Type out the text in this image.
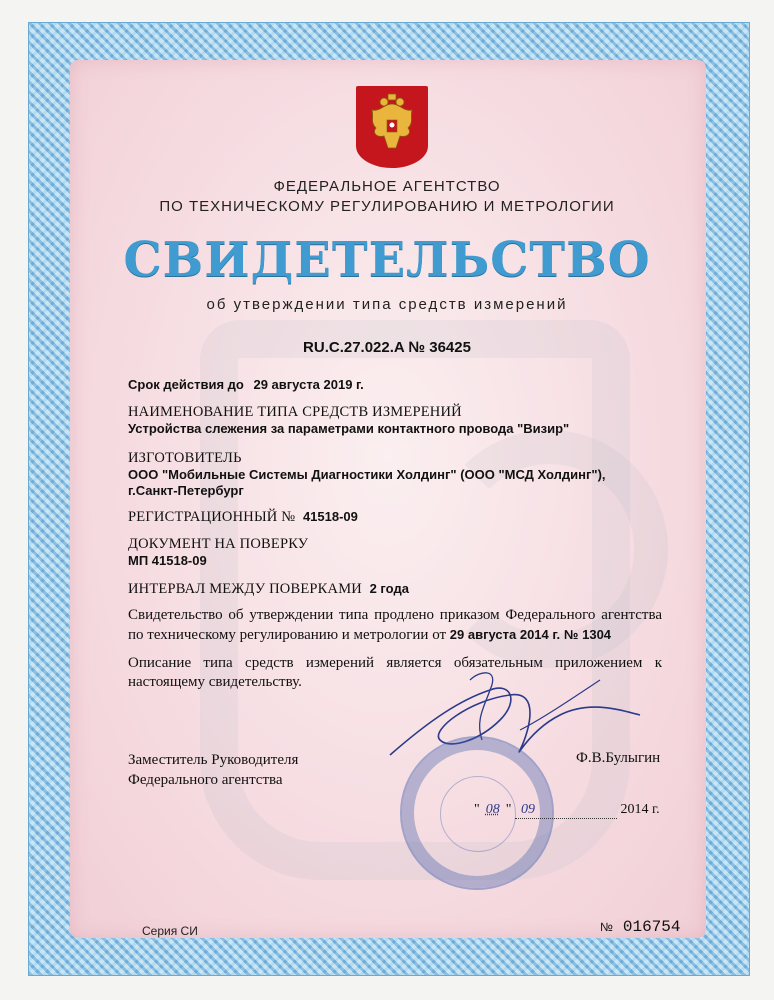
ФЕДЕРАЛЬНОЕ АГЕНТСТВО
ПО ТЕХНИЧЕСКОМУ РЕГУЛИРОВАНИЮ И МЕТРОЛОГИИ
СВИДЕТЕЛЬСТВО
об утверждении типа средств измерений
RU.C.27.022.A № 36425
Срок действия до 29 августа 2019 г.
НАИМЕНОВАНИЕ ТИПА СРЕДСТВ ИЗМЕРЕНИЙ
Устройства слежения за параметрами контактного провода "Визир"
ИЗГОТОВИТЕЛЬ
ООО "Мобильные Системы Диагностики Холдинг" (ООО "МСД Холдинг"),
г.Санкт-Петербург
РЕГИСТРАЦИОННЫЙ № 41518-09
ДОКУМЕНТ НА ПОВЕРКУ
МП 41518-09
ИНТЕРВАЛ МЕЖДУ ПОВЕРКАМИ 2 года
Свидетельство об утверждении типа продлено приказом Федерального агентства по техническому регулированию и метрологии от 29 августа 2014 г. № 1304
Описание типа средств измерений является обязательным приложением к настоящему свидетельству.
Заместитель Руководителя
Федерального агентства
Ф.В.Булыгин
" 08 " 09	2014 г.
Серия СИ	№ 016754
